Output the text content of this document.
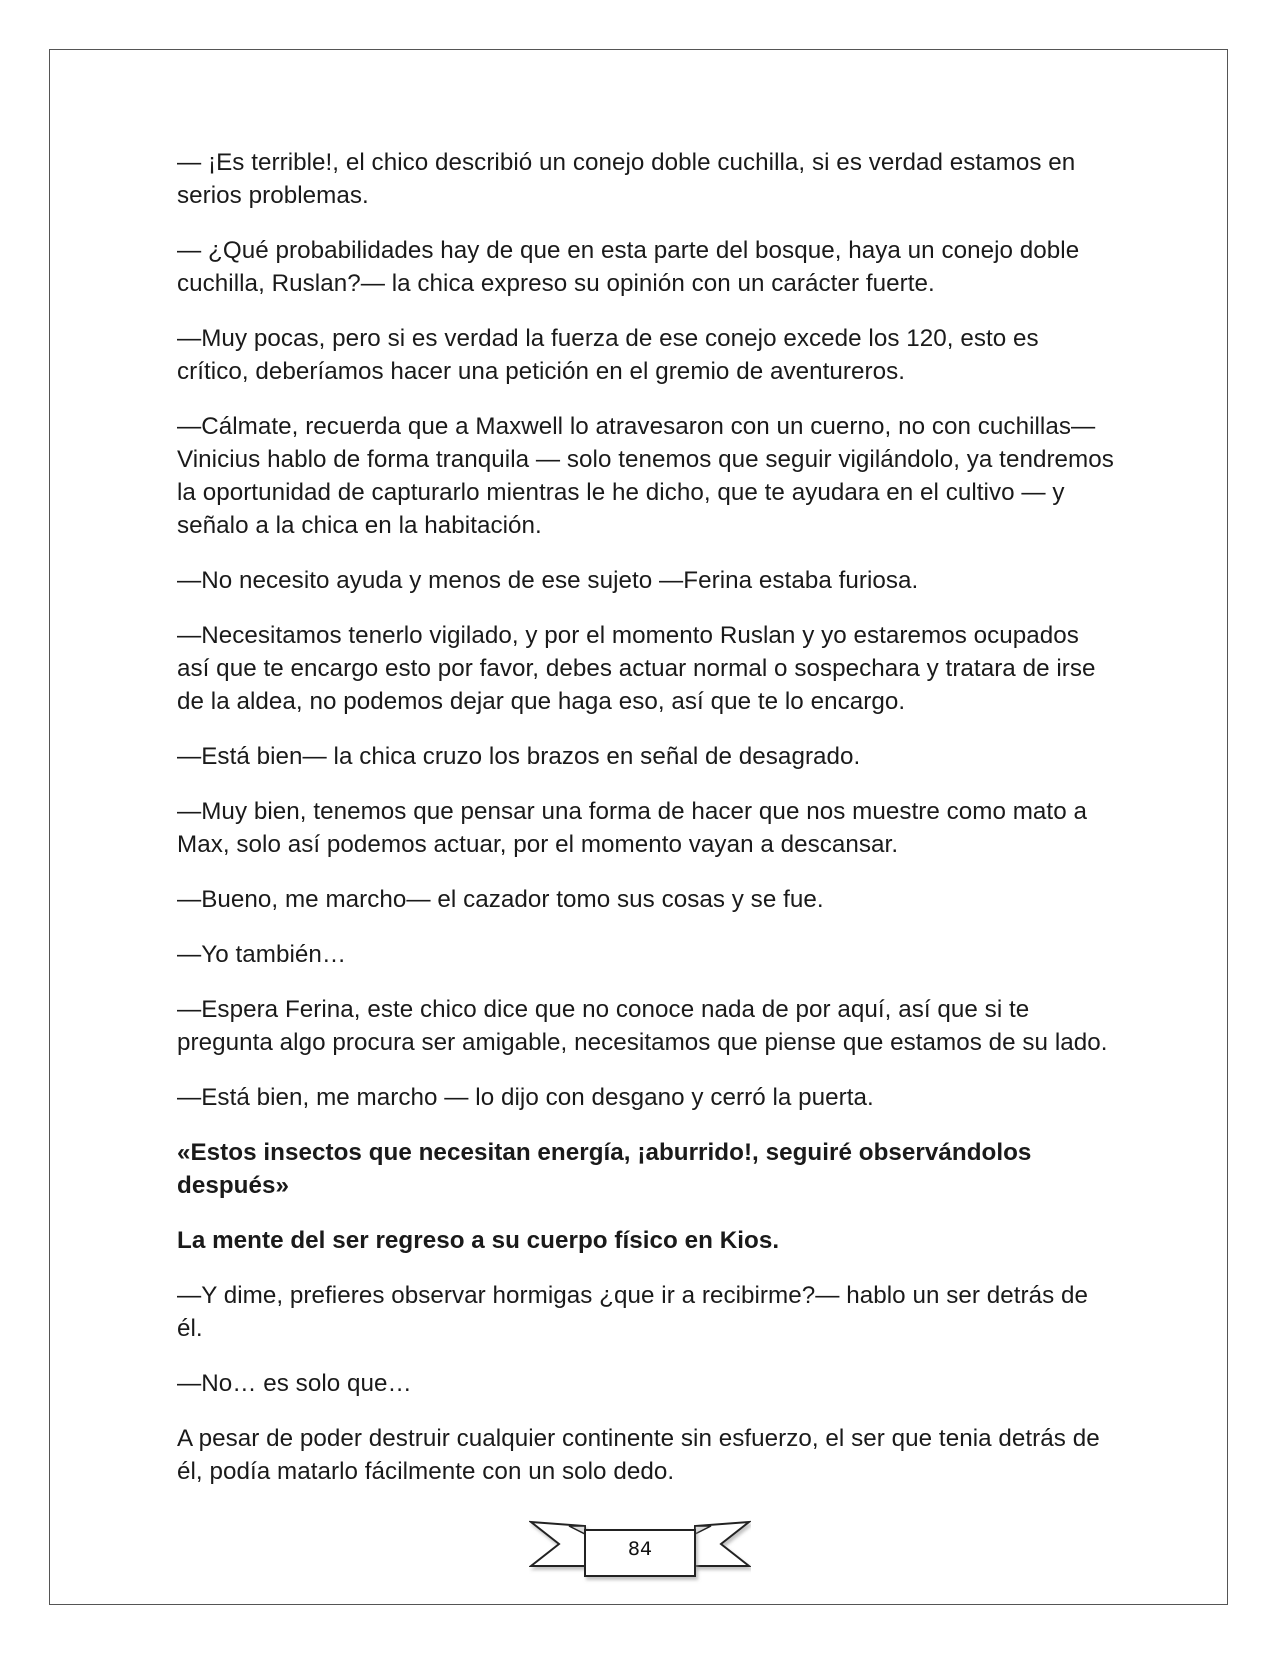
— ¡Es terrible!, el chico describió un conejo doble cuchilla, si es verdad estamos en serios problemas.

— ¿Qué probabilidades hay de que en esta parte del bosque, haya un conejo doble cuchilla, Ruslan?— la chica expreso su opinión con un carácter fuerte.

—Muy pocas, pero si es verdad la fuerza de ese conejo excede los 120, esto es crítico, deberíamos hacer una petición en el gremio de aventureros.

—Cálmate, recuerda que a Maxwell lo atravesaron con un cuerno, no con cuchillas— Vinicius hablo de forma tranquila — solo tenemos que seguir vigilándolo, ya tendremos la oportunidad de capturarlo mientras le he dicho, que te ayudara en el cultivo — y señalo a la chica en la habitación.

—No necesito ayuda y menos de ese sujeto —Ferina estaba furiosa.

—Necesitamos tenerlo vigilado, y por el momento Ruslan y yo estaremos ocupados así que te encargo esto por favor, debes actuar normal o sospechara y tratara de irse de la aldea, no podemos dejar que haga eso, así que te lo encargo.

—Está bien— la chica cruzo los brazos en señal de desagrado.

—Muy bien, tenemos que pensar una forma de hacer que nos muestre como mato a Max, solo así podemos actuar, por el momento vayan a descansar.

—Bueno, me marcho— el cazador tomo sus cosas y se fue.

—Yo también…

—Espera Ferina, este chico dice que no conoce nada de por aquí, así que si te pregunta algo procura ser amigable, necesitamos que piense que estamos de su lado.

—Está bien, me marcho — lo dijo con desgano y cerró la puerta.

«Estos insectos que necesitan energía, ¡aburrido!, seguiré observándolos después»

La mente del ser regreso a su cuerpo físico en Kios.

—Y dime, prefieres observar hormigas ¿que ir a recibirme?— hablo un ser detrás de él.

—No… es solo que…

A pesar de poder destruir cualquier continente sin esfuerzo, el ser que tenia detrás de él, podía matarlo fácilmente con un solo dedo.

84
